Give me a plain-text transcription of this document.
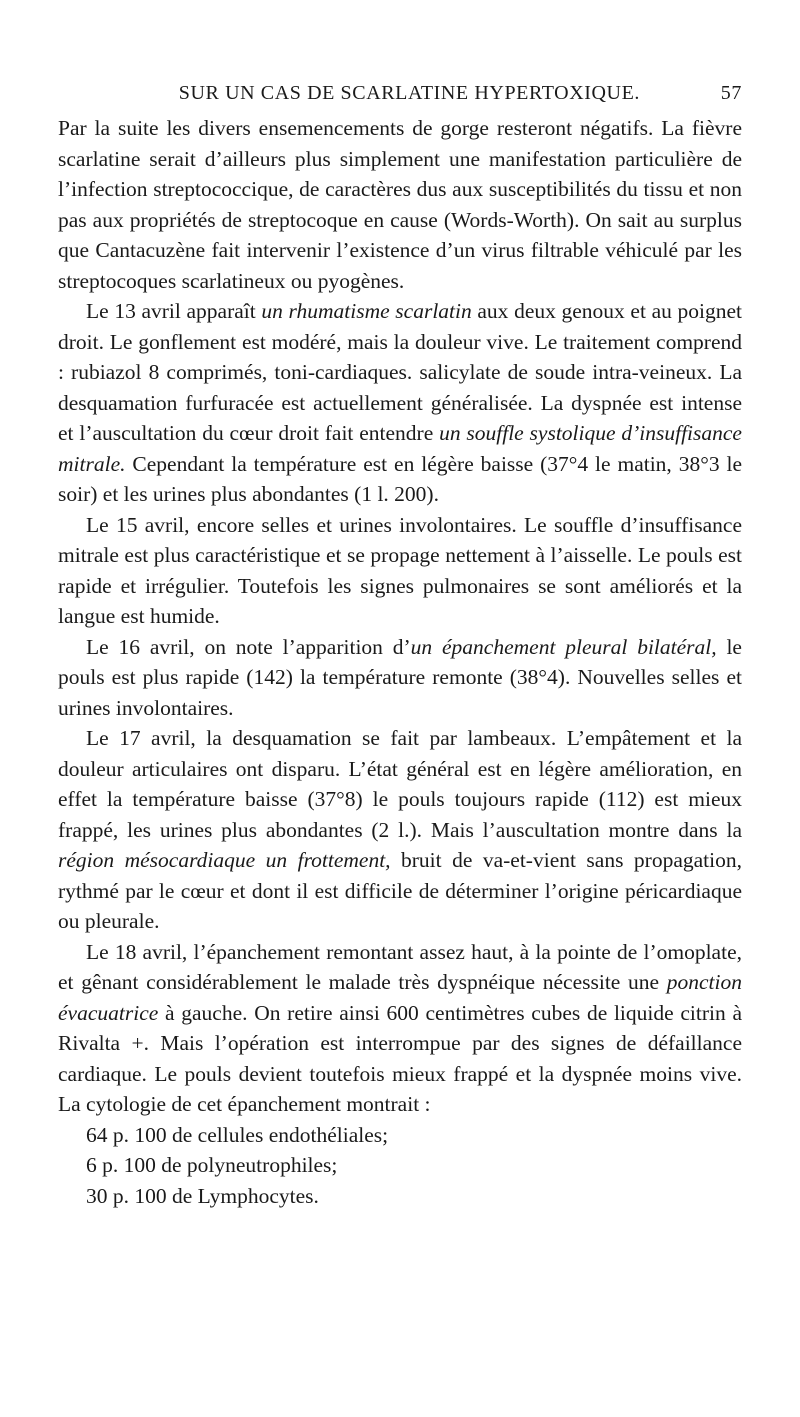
SUR UN CAS DE SCARLATINE HYPERTOXIQUE.	57

Par la suite les divers ensemencements de gorge resteront négatifs. La fièvre scarlatine serait d’ailleurs plus simplement une manifestation particulière de l’infection streptococcique, de caractères dus aux susceptibilités du tissu et non pas aux propriétés de streptocoque en cause (Words-Worth). On sait au surplus que Cantacuzène fait intervenir l’existence d’un virus filtrable véhiculé par les streptocoques scarlatineux ou pyogènes.

Le 13 avril apparaît un rhumatisme scarlatin aux deux genoux et au poignet droit. Le gonflement est modéré, mais la douleur vive. Le traitement comprend : rubiazol 8 comprimés, toni-cardiaques. salicylate de soude intra-veineux. La desquamation furfuracée est actuellement généralisée. La dyspnée est intense et l’auscultation du cœur droit fait entendre un souffle systolique d’insuffisance mitrale. Cependant la température est en légère baisse (37°4 le matin, 38°3 le soir) et les urines plus abondantes (1 l. 200).

Le 15 avril, encore selles et urines involontaires. Le souffle d’insuffisance mitrale est plus caractéristique et se propage nettement à l’aisselle. Le pouls est rapide et irrégulier. Toutefois les signes pulmonaires se sont améliorés et la langue est humide.

Le 16 avril, on note l’apparition d’un épanchement pleural bilatéral, le pouls est plus rapide (142) la température remonte (38°4). Nouvelles selles et urines involontaires.

Le 17 avril, la desquamation se fait par lambeaux. L’empâtement et la douleur articulaires ont disparu. L’état général est en légère amélioration, en effet la température baisse (37°8) le pouls toujours rapide (112) est mieux frappé, les urines plus abondantes (2 l.). Mais l’auscultation montre dans la région mésocardiaque un frottement, bruit de va-et-vient sans propagation, rythmé par le cœur et dont il est difficile de déterminer l’origine péricardiaque ou pleurale.

Le 18 avril, l’épanchement remontant assez haut, à la pointe de l’omoplate, et gênant considérablement le malade très dyspnéique nécessite une ponction évacuatrice à gauche. On retire ainsi 600 centimètres cubes de liquide citrin à Rivalta +. Mais l’opération est interrompue par des signes de défaillance cardiaque. Le pouls devient toutefois mieux frappé et la dyspnée moins vive. La cytologie de cet épanchement montrait :

64 p. 100 de cellules endothéliales;
6 p. 100 de polyneutrophiles;
30 p. 100 de Lymphocytes.
